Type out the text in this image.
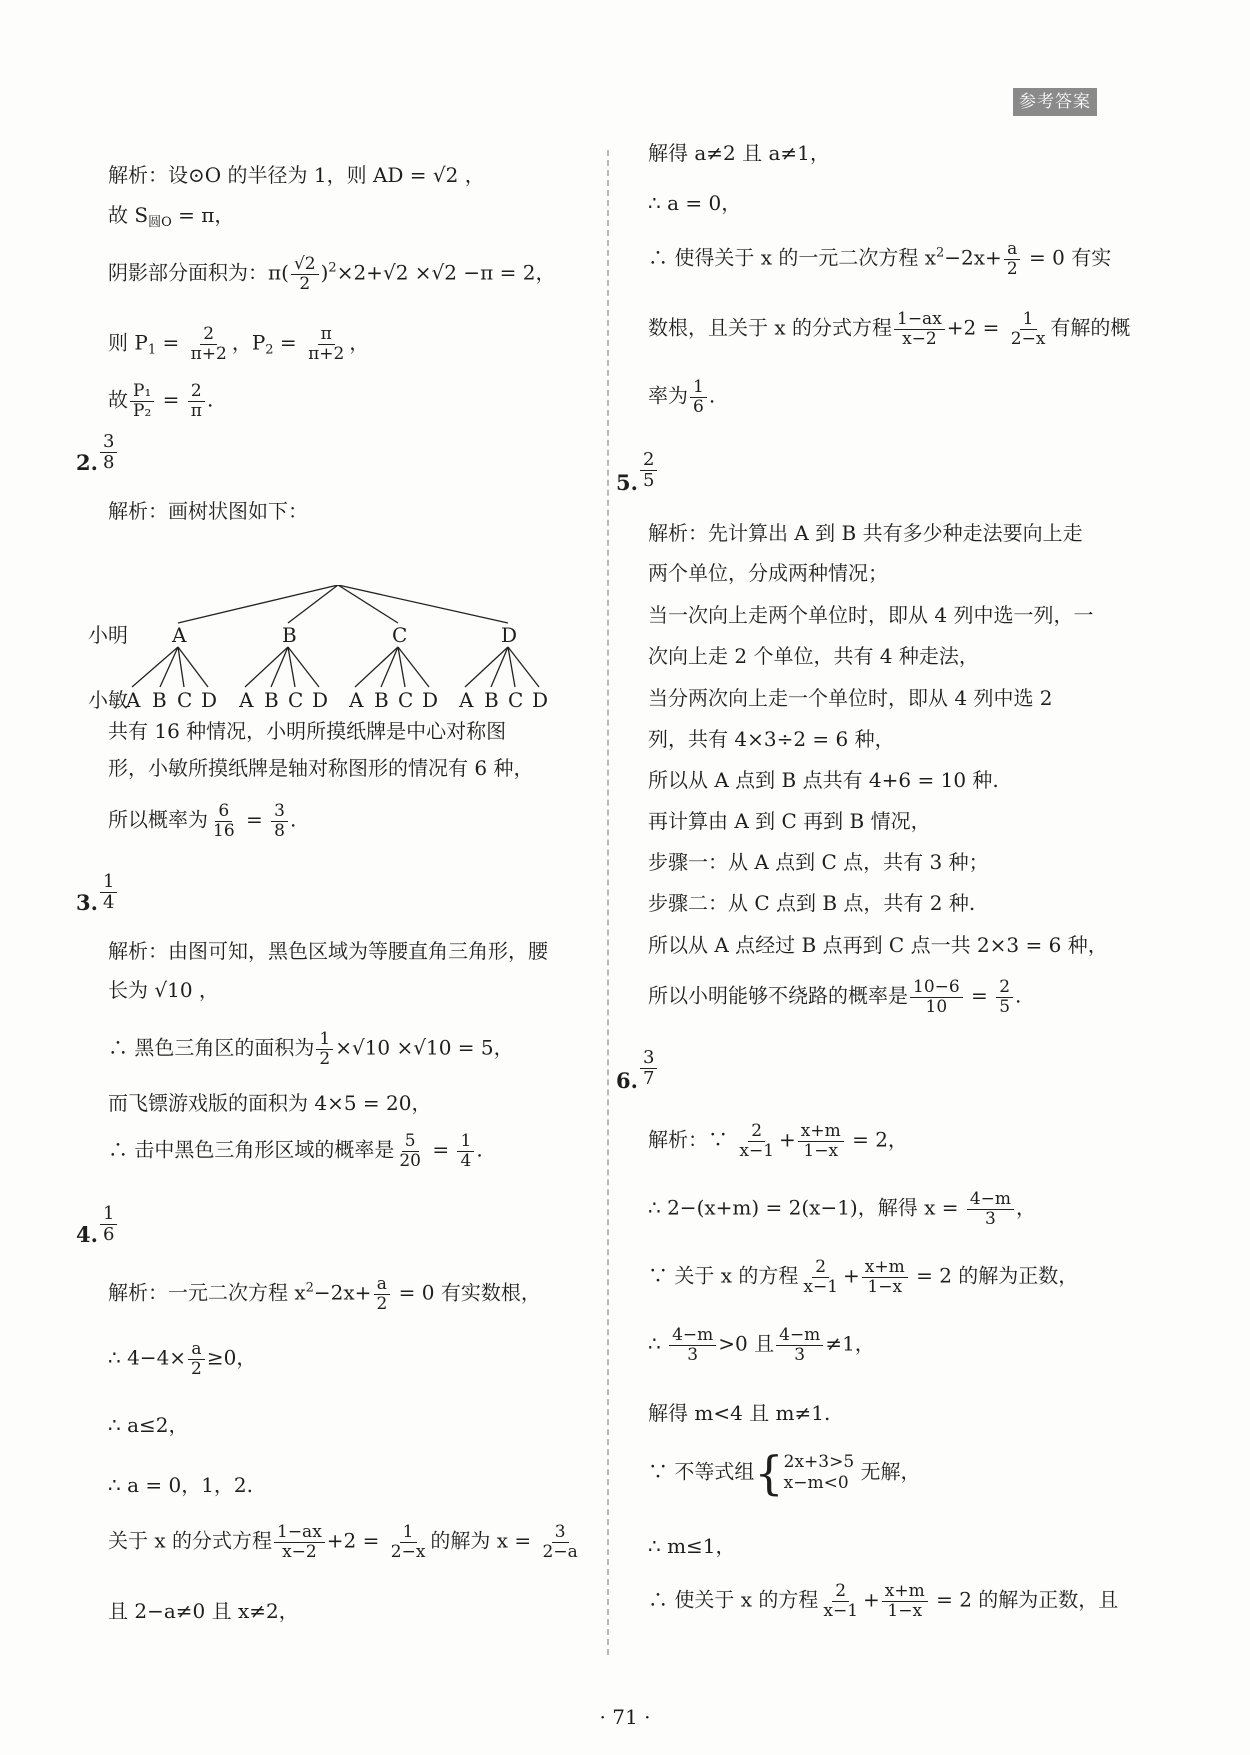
参考答案
解析：设⊙O 的半径为 1，则 AD = √2 ，
故 $S_{圆O} = \pi$，
阴影部分面积为：$\pi( \frac{√2}{2} )^2\times 2+√2 \times√2 -\pi = 2$，
则 $P_1 = \frac{2}{\pi+2}$ ，$P_2 = \frac{\pi}{\pi+2}$ ，
故 $\frac{\text{P₁}}{\text{P₂}} = \frac{2}{\pi}$ .
2. $\frac{3}{8}$
解析：画树状图如下：
小明
小敏
A	B	C	D
A B C D A B C D A B C D A B C D
共有 16 种情况，小明所摸纸牌是中心对称图
形，小敏所摸纸牌是轴对称图形的情况有 6 种，
所以概率为 $\frac{6}{16} = \frac{3}{8}$ .
3. $\frac{1}{4}$
解析：由图可知，黑色区域为等腰直角三角形，腰
长为 √10 ，
∴ 黑色三角区的面积为 $\frac{1}{2} \times√10 \times√10 = 5$，
而飞镖游戏版的面积为 4×5 = 20，
∴ 击中黑色三角形区域的概率是 $\frac{5}{20} = \frac{1}{4}$ .
4. $\frac{1}{6}$
解析：一元二次方程 $x^2-2x+ \frac{a}{2} = 0$ 有实数根，
∴ $4-4\times \frac{a}{2} \ge 0$，
∴ a≤2，
∴ a = 0，1，2.
关于 x 的分式方程 $\frac{1-ax}{x-2} +2 = \frac{1}{2-x}$ 的解为 $x = \frac{3}{2-a}$
且 2−a≠0 且 x≠2，
解得 a≠2 且 a≠1，
∴ a = 0，
∴ 使得关于 x 的一元二次方程 $x^2-2x+ \frac{a}{2} = 0$ 有实
数根，且关于 x 的分式方程 $\frac{1-ax}{x-2} +2 = \frac{1}{2-x}$ 有解的概
率为 $\frac{1}{6}$ .
5. $\frac{2}{5}$
解析：先计算出 A 到 B 共有多少种走法要向上走
两个单位，分成两种情况；
当一次向上走两个单位时，即从 4 列中选一列，一
次向上走 2 个单位，共有 4 种走法，
当分两次向上走一个单位时，即从 4 列中选 2
列，共有 4×3÷2 = 6 种，
所以从 A 点到 B 点共有 4+6 = 10 种.
再计算由 A 到 C 再到 B 情况，
步骤一：从 A 点到 C 点，共有 3 种；
步骤二：从 C 点到 B 点，共有 2 种.
所以从 A 点经过 B 点再到 C 点一共 2×3 = 6 种，
所以小明能够不绕路的概率是 $\frac{10-6}{10} = \frac{2}{5}$ .
6. $\frac{3}{7}$
解析：∵ $\frac{2}{x-1} + \frac{x+m}{1-x} = 2$，
∴ 2−(x+m) = 2(x−1)，解得 $x = \frac{4-m}{3}$ ，
∵ 关于 x 的方程 $\frac{2}{x-1} + \frac{x+m}{1-x} = 2$ 的解为正数，
∴ $\frac{4-m}{3} >0$ 且 $\frac{4-m}{3} \ne 1$，
解得 m<4 且 m≠1.
∵ 不等式组{ 2x+3>5
x−m<0 无解，
∴ m≤1，
∴ 使关于 x 的方程 $\frac{2}{x-1} + \frac{x+m}{1-x} = 2$ 的解为正数，且
· 71 ·
